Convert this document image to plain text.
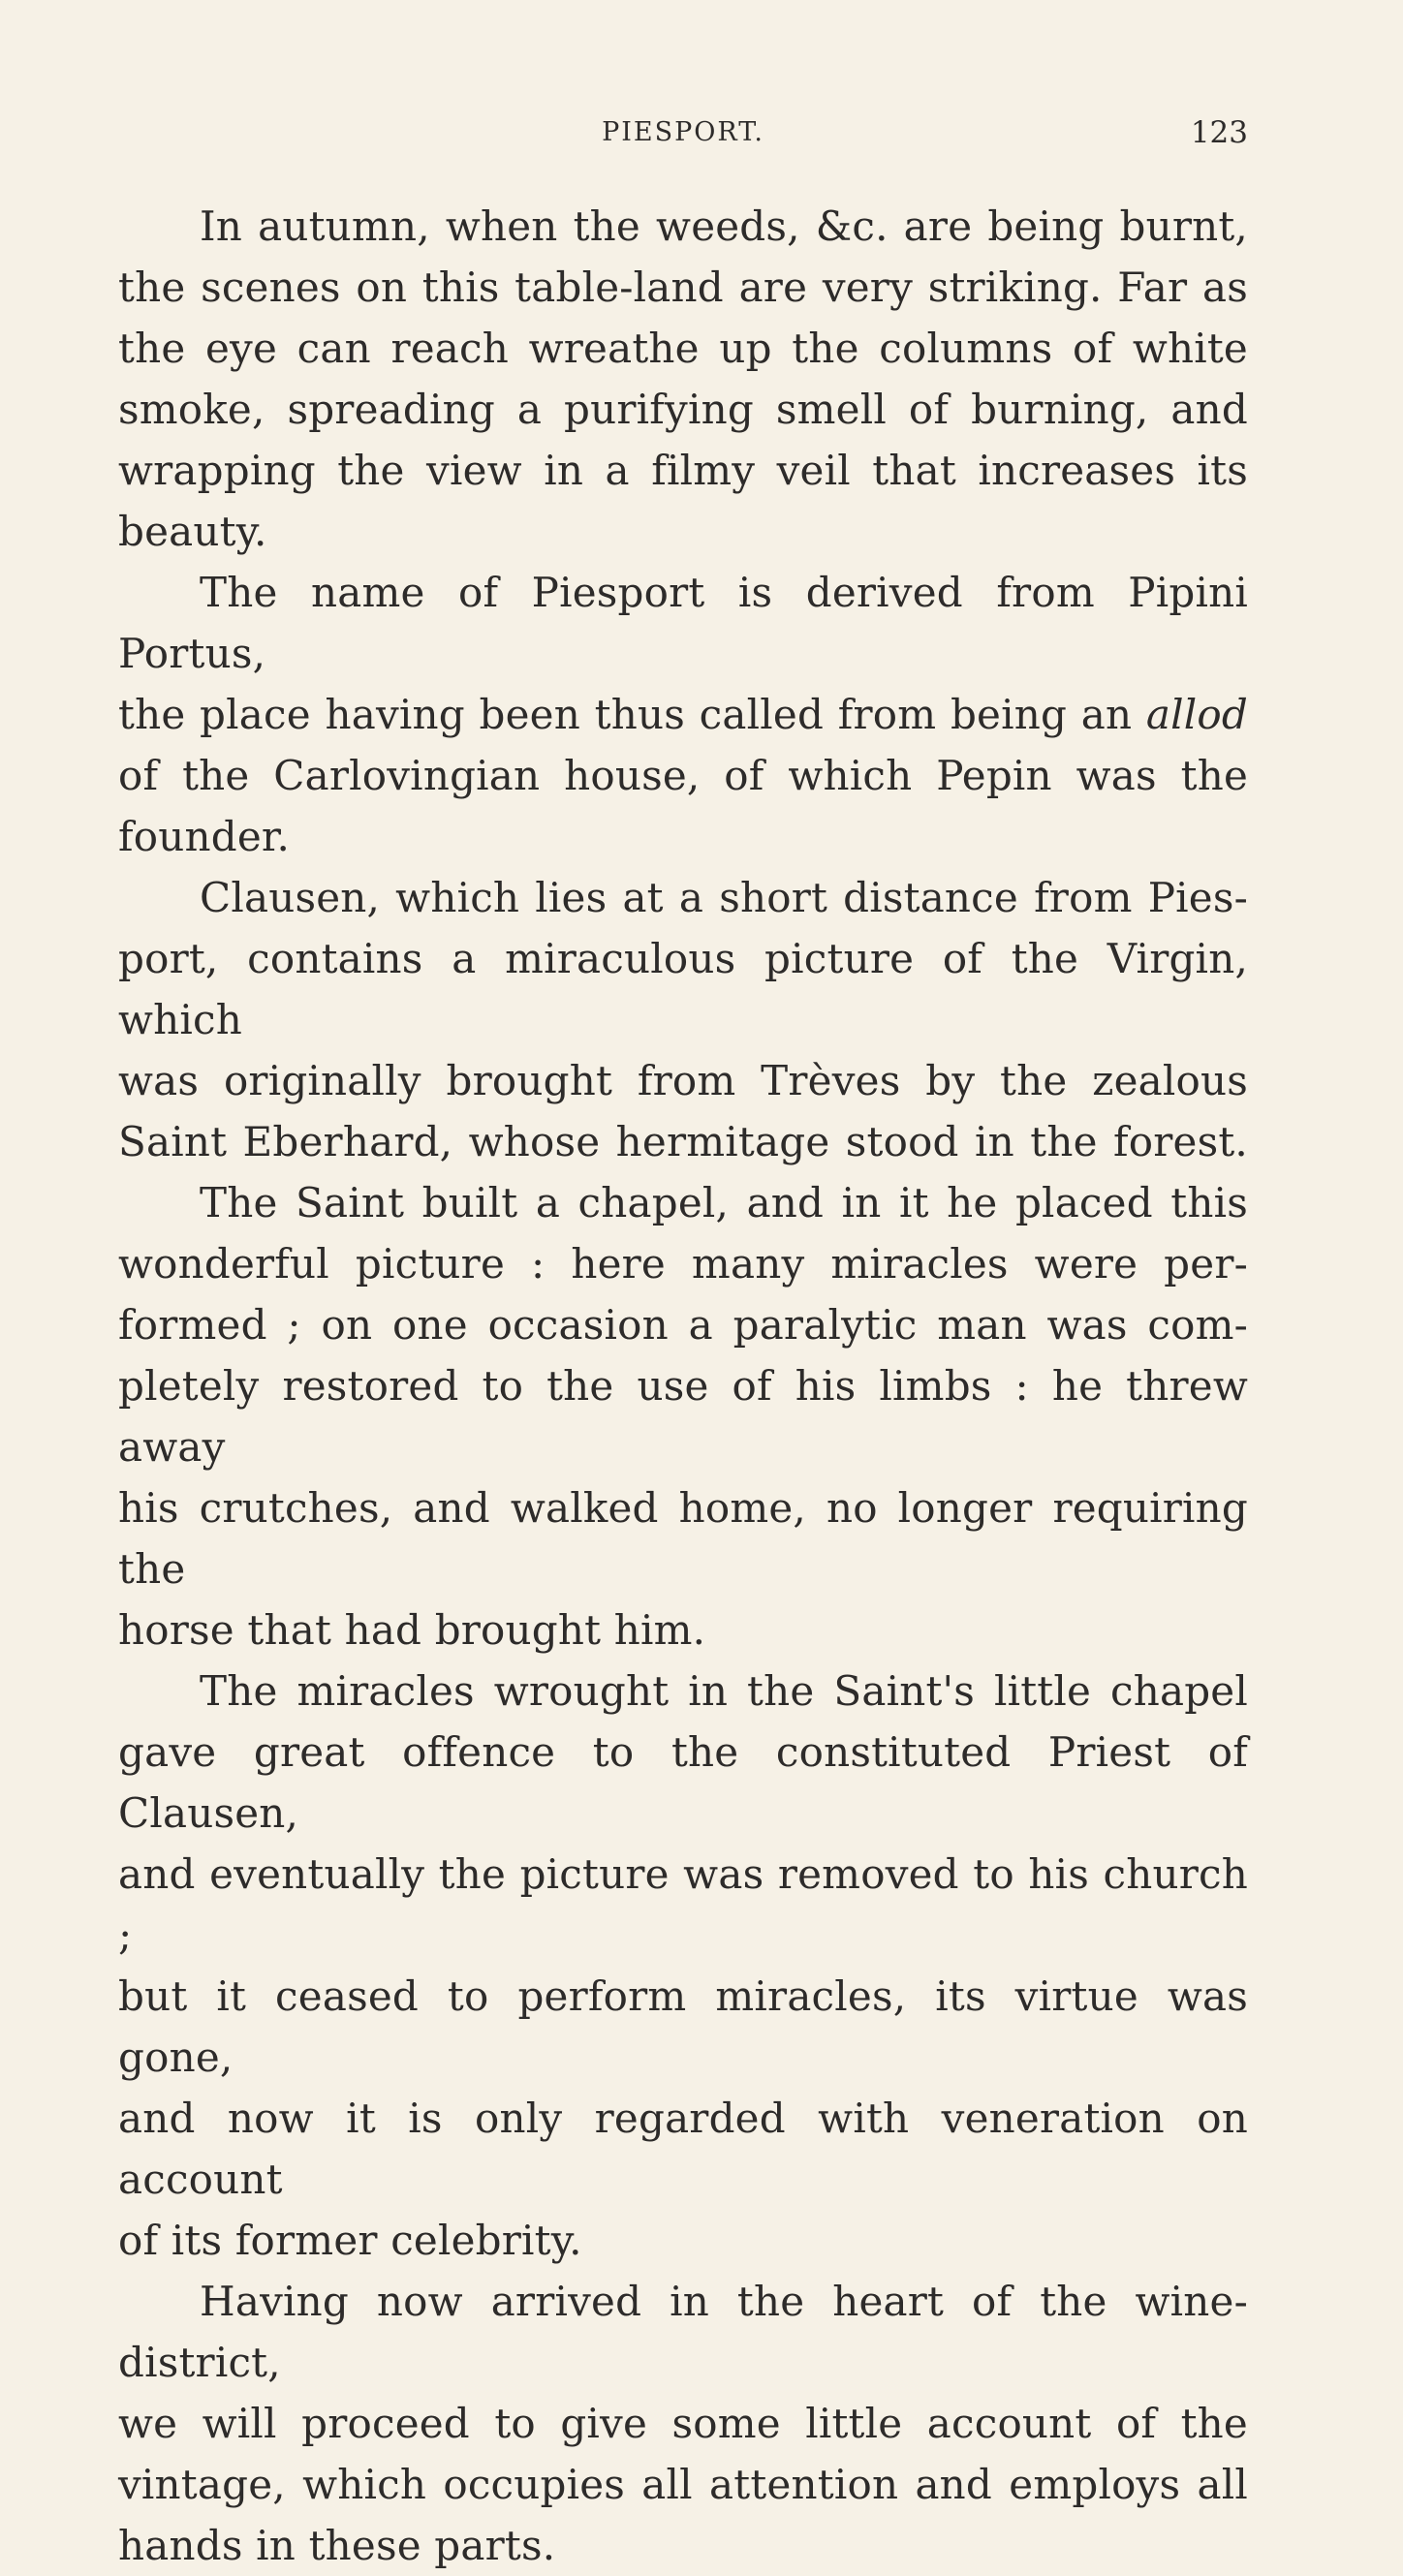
PIESPORT.	123

In autumn, when the weeds, &c. are being burnt,
the scenes on this table-land are very striking. Far as
the eye can reach wreathe up the columns of white
smoke, spreading a purifying smell of burning, and
wrapping the view in a filmy veil that increases its
beauty.

The name of Piesport is derived from Pipini Portus,
the place having been thus called from being an allod
of the Carlovingian house, of which Pepin was the
founder.

Clausen, which lies at a short distance from Pies-
port, contains a miraculous picture of the Virgin, which
was originally brought from Trèves by the zealous
Saint Eberhard, whose hermitage stood in the forest.

The Saint built a chapel, and in it he placed this
wonderful picture : here many miracles were per-
formed ; on one occasion a paralytic man was com-
pletely restored to the use of his limbs : he threw away
his crutches, and walked home, no longer requiring the
horse that had brought him.

The miracles wrought in the Saint's little chapel
gave great offence to the constituted Priest of Clausen,
and eventually the picture was removed to his church ;
but it ceased to perform miracles, its virtue was gone,
and now it is only regarded with veneration on account
of its former celebrity.

Having now arrived in the heart of the wine-district,
we will proceed to give some little account of the
vintage, which occupies all attention and employs all
hands in these parts.
